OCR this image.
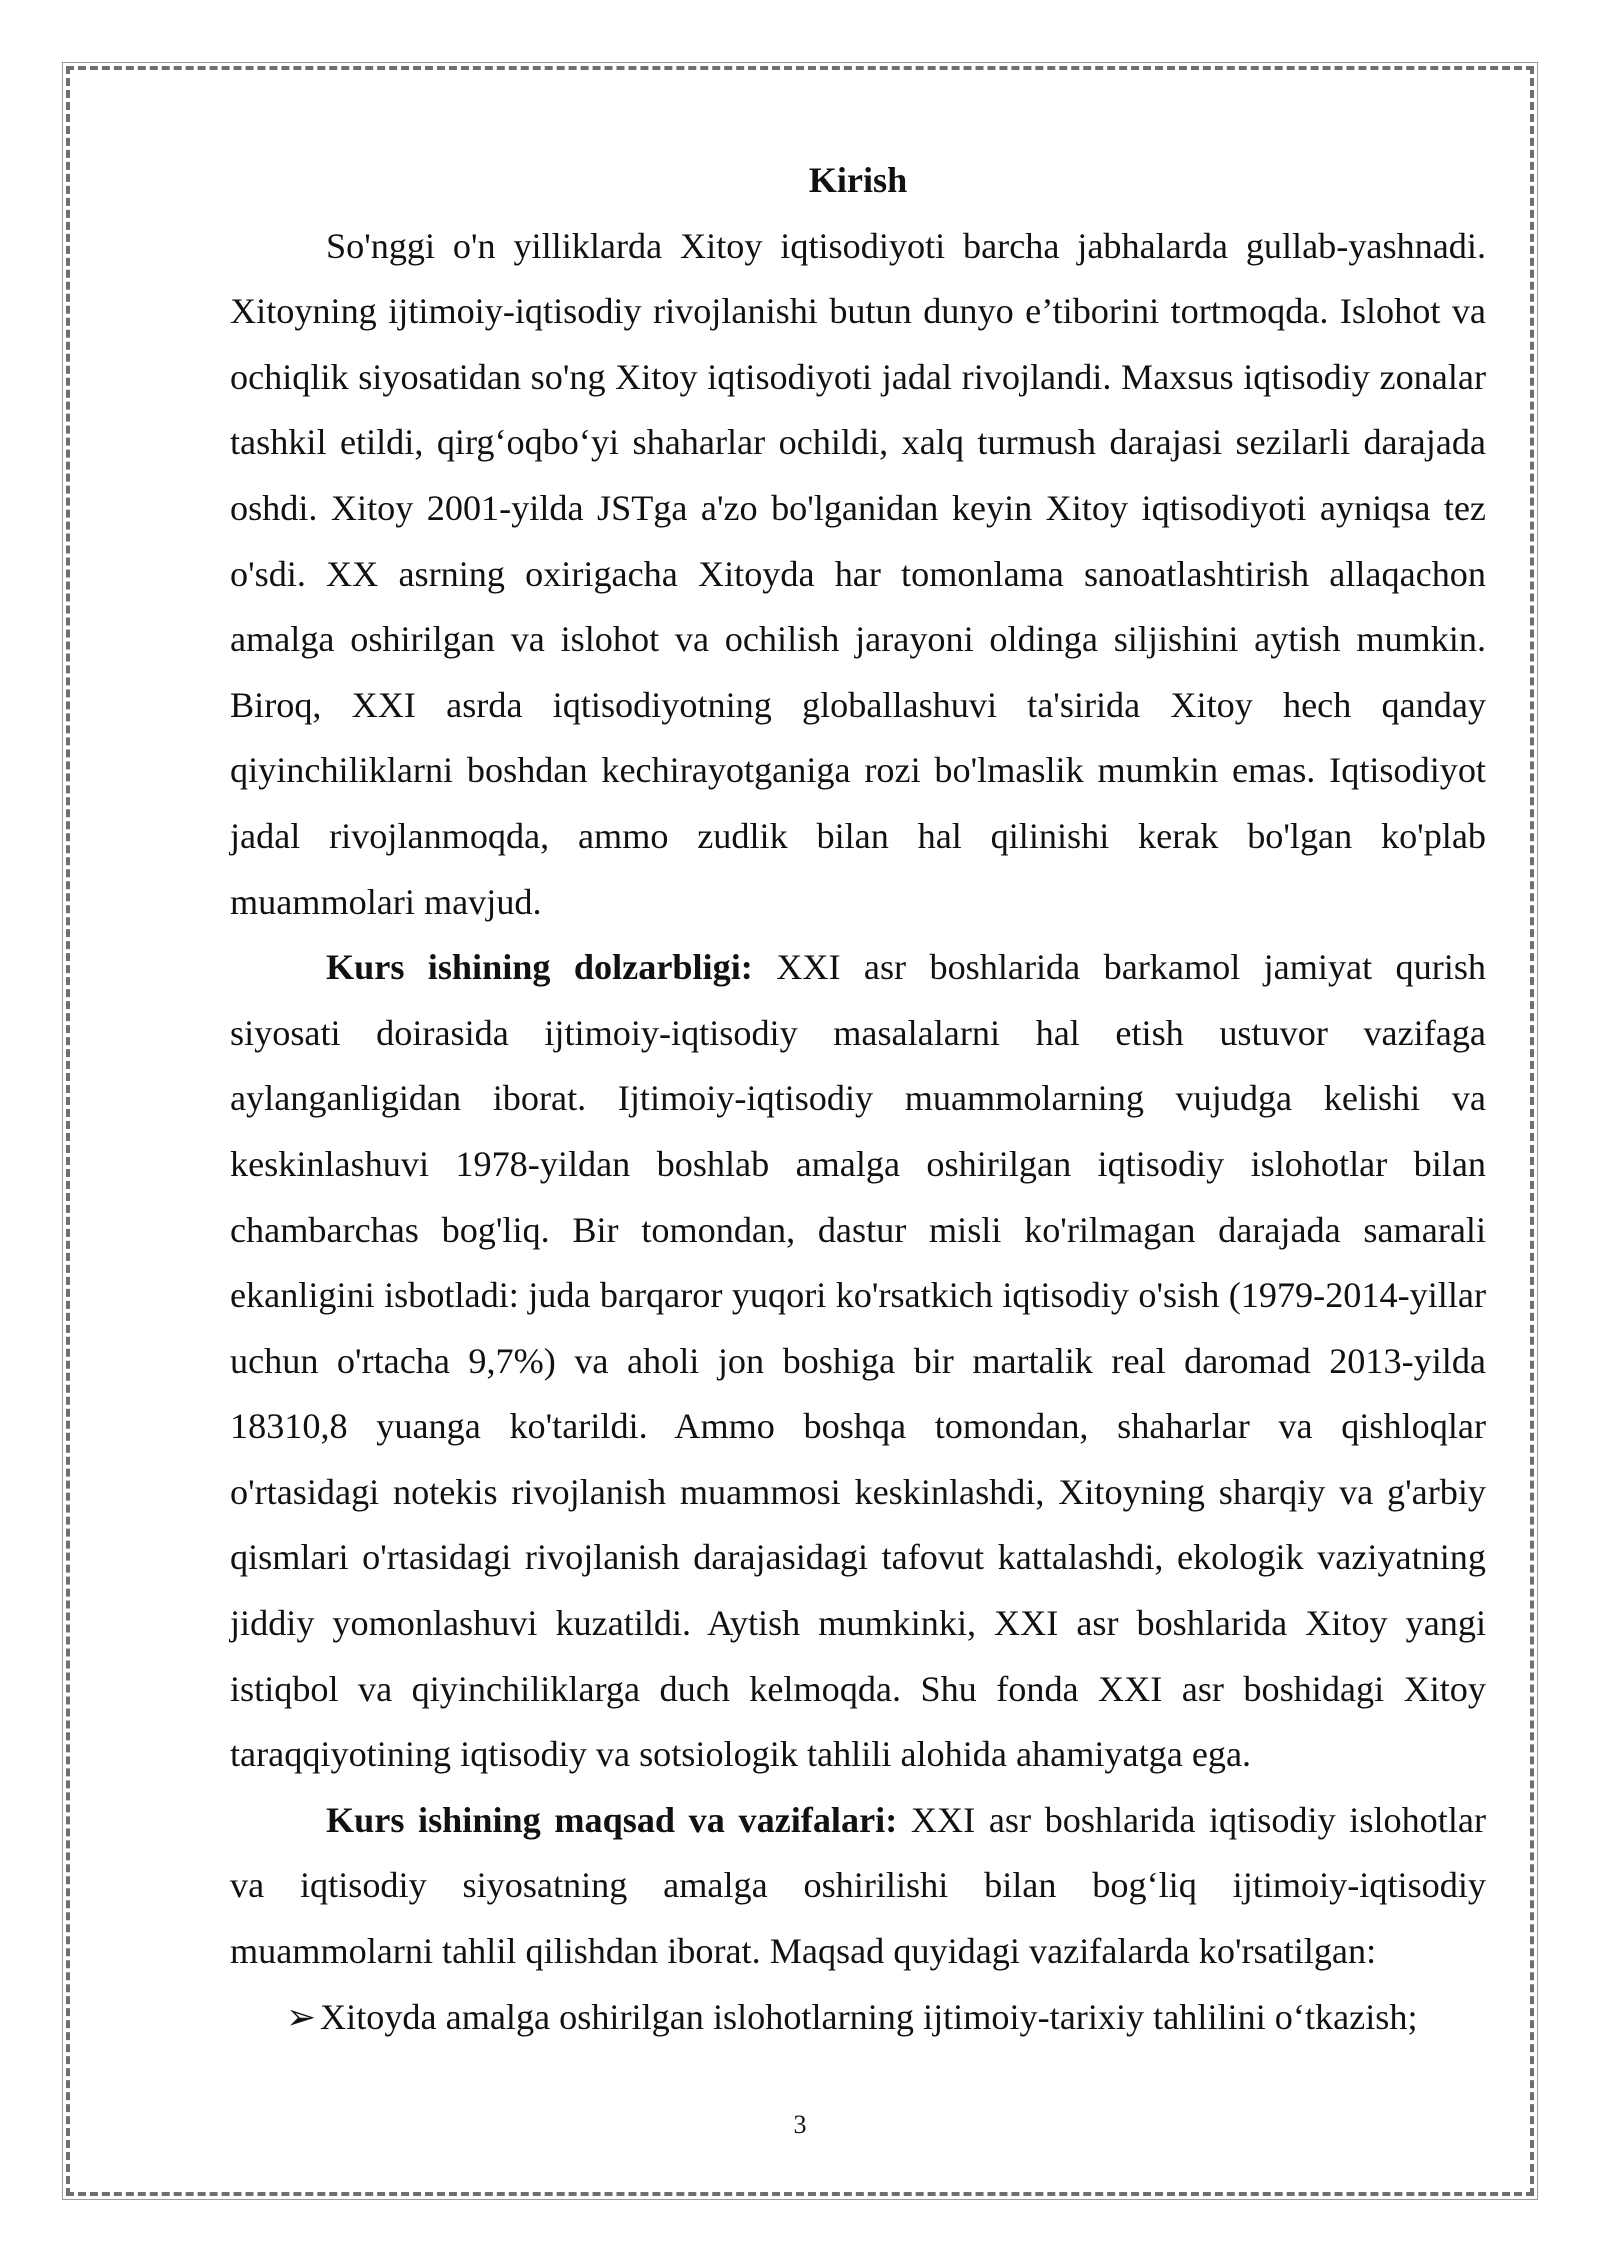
Kirish

So'nggi o'n yilliklarda Xitoy iqtisodiyoti barcha jabhalarda gullab-yashnadi. Xitoyning ijtimoiy-iqtisodiy rivojlanishi butun dunyo e’tiborini tortmoqda. Islohot va ochiqlik siyosatidan so'ng Xitoy iqtisodiyoti jadal rivojlandi. Maxsus iqtisodiy zonalar tashkil etildi, qirg‘oqbo‘yi shaharlar ochildi, xalq turmush darajasi sezilarli darajada oshdi. Xitoy 2001-yilda JSTga a'zo bo'lganidan keyin Xitoy iqtisodiyoti ayniqsa tez o'sdi. XX asrning oxirigacha Xitoyda har tomonlama sanoatlashtirish allaqachon amalga oshirilgan va islohot va ochilish jarayoni oldinga siljishini aytish mumkin. Biroq, XXI asrda iqtisodiyotning globallashuvi ta'sirida Xitoy hech qanday qiyinchiliklarni boshdan kechirayotganiga rozi bo'lmaslik mumkin emas. Iqtisodiyot jadal rivojlanmoqda, ammo zudlik bilan hal qilinishi kerak bo'lgan ko'plab muammolari mavjud.

Kurs ishining dolzarbligi: XXI asr boshlarida barkamol jamiyat qurish siyosati doirasida ijtimoiy-iqtisodiy masalalarni hal etish ustuvor vazifaga aylanganligidan iborat. Ijtimoiy-iqtisodiy muammolarning vujudga kelishi va keskinlashuvi 1978-yildan boshlab amalga oshirilgan iqtisodiy islohotlar bilan chambarchas bog'liq. Bir tomondan, dastur misli ko'rilmagan darajada samarali ekanligini isbotladi: juda barqaror yuqori ko'rsatkich iqtisodiy o'sish (1979-2014-yillar uchun o'rtacha 9,7%) va aholi jon boshiga bir martalik real daromad 2013-yilda 18310,8 yuanga ko'tarildi. Ammo boshqa tomondan, shaharlar va qishloqlar o'rtasidagi notekis rivojlanish muammosi keskinlashdi, Xitoyning sharqiy va g'arbiy qismlari o'rtasidagi rivojlanish darajasidagi tafovut kattalashdi, ekologik vaziyatning jiddiy yomonlashuvi kuzatildi. Aytish mumkinki, XXI asr boshlarida Xitoy yangi istiqbol va qiyinchiliklarga duch kelmoqda. Shu fonda XXI asr boshidagi Xitoy taraqqiyotining iqtisodiy va sotsiologik tahlili alohida ahamiyatga ega.

Kurs ishining maqsad va vazifalari: XXI asr boshlarida iqtisodiy islohotlar va iqtisodiy siyosatning amalga oshirilishi bilan bog‘liq ijtimoiy-iqtisodiy muammolarni tahlil qilishdan iborat. Maqsad quyidagi vazifalarda ko'rsatilgan:

➢ Xitoyda amalga oshirilgan islohotlarning ijtimoiy-tarixiy tahlilini o‘tkazish;

3
